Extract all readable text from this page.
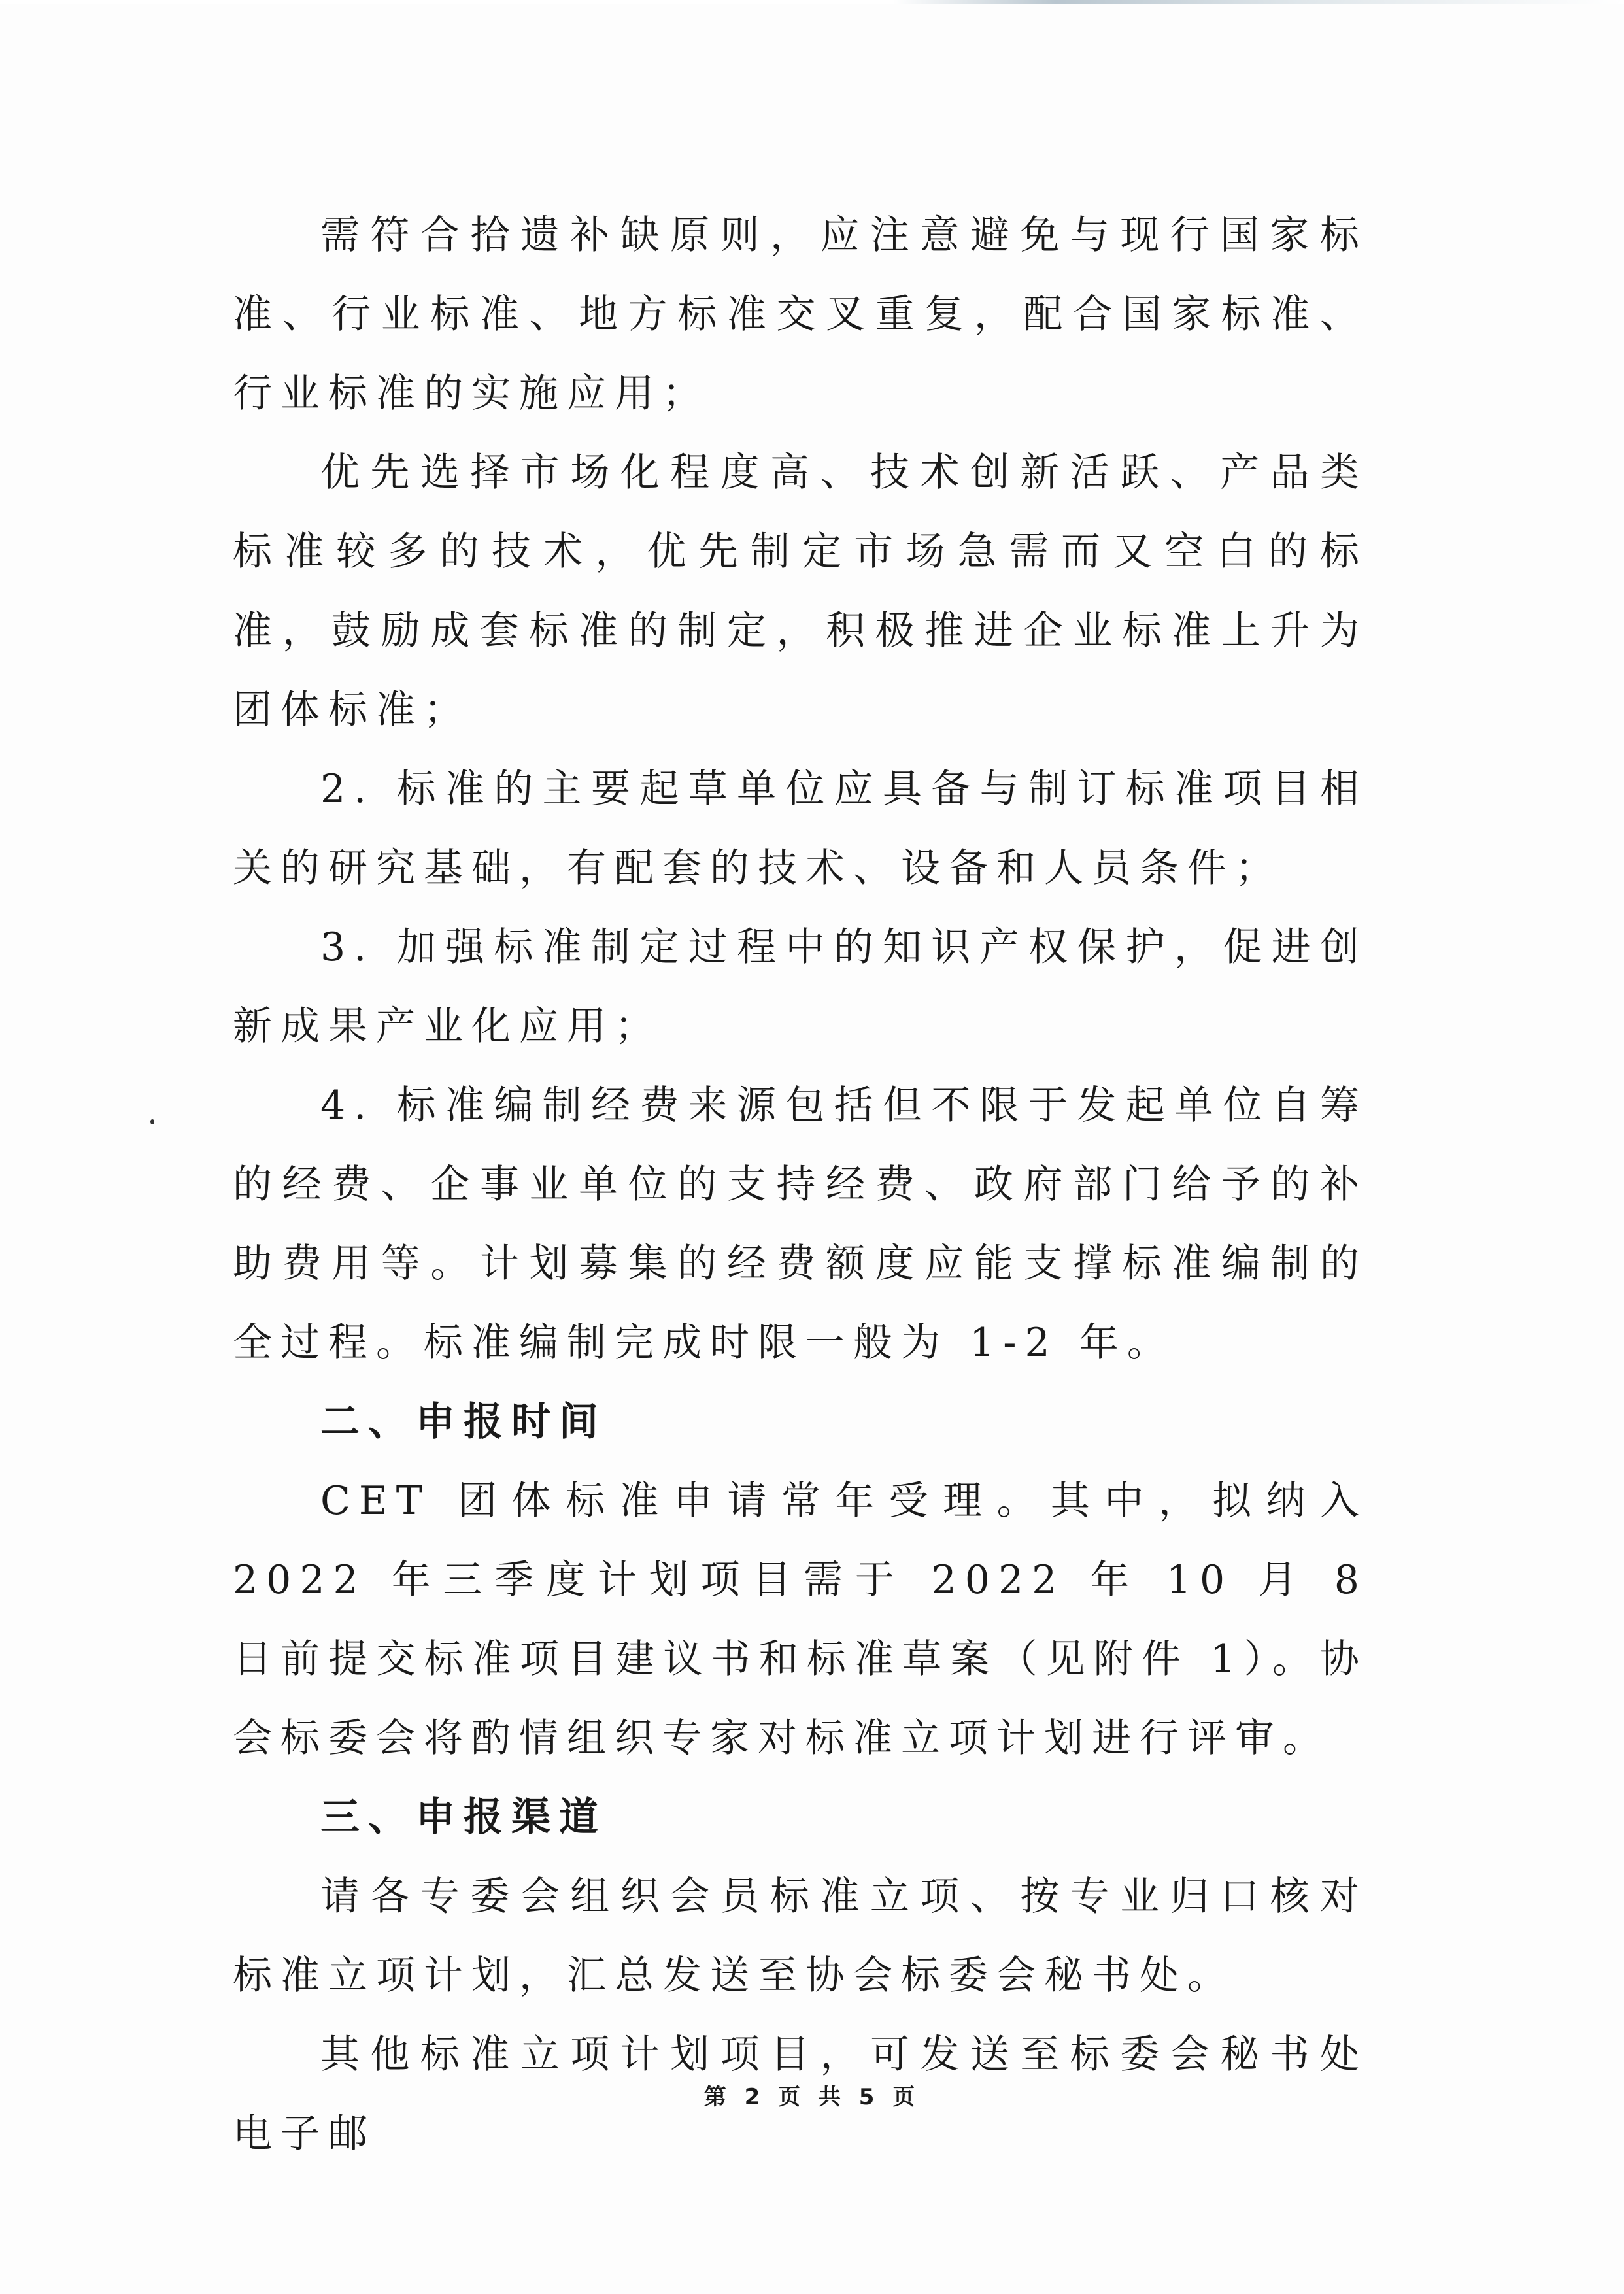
需符合拾遗补缺原则，应注意避免与现行国家标准、行业标准、地方标准交叉重复，配合国家标准、行业标准的实施应用；

优先选择市场化程度高、技术创新活跃、产品类标准较多的技术，优先制定市场急需而又空白的标准，鼓励成套标准的制定，积极推进企业标准上升为团体标准；

2. 标准的主要起草单位应具备与制订标准项目相关的研究基础，有配套的技术、设备和人员条件；

3. 加强标准制定过程中的知识产权保护，促进创新成果产业化应用；

4. 标准编制经费来源包括但不限于发起单位自筹的经费、企事业单位的支持经费、政府部门给予的补助费用等。计划募集的经费额度应能支撑标准编制的全过程。标准编制完成时限一般为 1-2 年。

二、申报时间

CET 团体标准申请常年受理。其中，拟纳入 2022 年三季度计划项目需于 2022 年 10 月 8 日前提交标准项目建议书和标准草案（见附件 1）。协会标委会将酌情组织专家对标准立项计划进行评审。

三、申报渠道

请各专委会组织会员标准立项、按专业归口核对标准立项计划，汇总发送至协会标委会秘书处。

其他标准立项计划项目，可发送至标委会秘书处电子邮

第 2 页 共 5 页
